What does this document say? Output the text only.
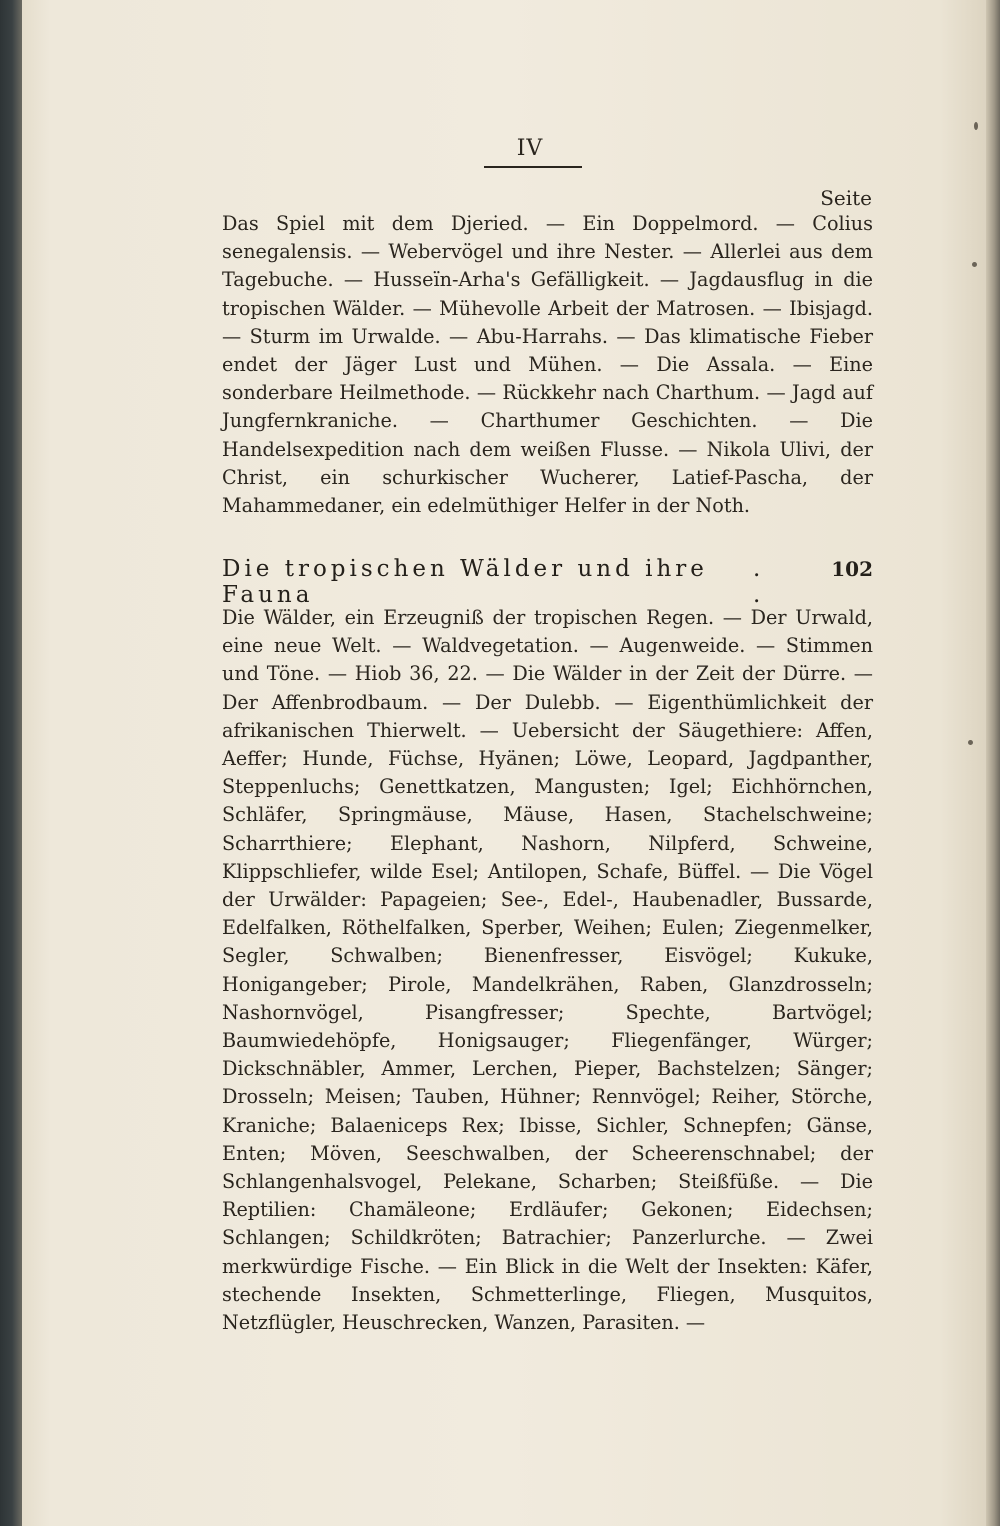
IV
Seite
Das Spiel mit dem Djeried. — Ein Doppelmord. — Colius senegalensis. — Webervögel und ihre Nester. — Allerlei aus dem Tagebuche. — Husseïn-Arha's Gefälligkeit. — Jagdausflug in die tropischen Wälder. — Mühevolle Arbeit der Matrosen. — Ibisjagd. — Sturm im Urwalde. — Abu-Harrahs. — Das klimatische Fieber endet der Jäger Lust und Mühen. — Die Assala. — Eine sonderbare Heilmethode. — Rückkehr nach Charthum. — Jagd auf Jungfernkraniche. — Charthumer Geschichten. — Die Handelsexpedition nach dem weißen Flusse. — Nikola Ulivi, der Christ, ein schurkischer Wucherer, Latief-Pascha, der Mahammedaner, ein edelmüthiger Helfer in der Noth.
Die tropischen Wälder und ihre Fauna
. .
102
Die Wälder, ein Erzeugniß der tropischen Regen. — Der Urwald, eine neue Welt. — Waldvegetation. — Augenweide. — Stimmen und Töne. — Hiob 36, 22. — Die Wälder in der Zeit der Dürre. — Der Affenbrodbaum. — Der Dulebb. — Eigenthümlichkeit der afrikanischen Thierwelt. — Uebersicht der Säugethiere: Affen, Aeffer; Hunde, Füchse, Hyänen; Löwe, Leopard, Jagdpanther, Steppenluchs; Genettkatzen, Mangusten; Igel; Eichhörnchen, Schläfer, Springmäuse, Mäuse, Hasen, Stachelschweine; Scharrthiere; Elephant, Nashorn, Nilpferd, Schweine, Klippschliefer, wilde Esel; Antilopen, Schafe, Büffel. — Die Vögel der Urwälder: Papageien; See-, Edel-, Haubenadler, Bussarde, Edelfalken, Röthelfalken, Sperber, Weihen; Eulen; Ziegenmelker, Segler, Schwalben; Bienenfresser, Eisvögel; Kukuke, Honigangeber; Pirole, Mandelkrähen, Raben, Glanzdrosseln; Nashornvögel, Pisangfresser; Spechte, Bartvögel; Baumwiedehöpfe, Honigsauger; Fliegenfänger, Würger; Dickschnäbler, Ammer, Lerchen, Pieper, Bachstelzen; Sänger; Drosseln; Meisen; Tauben, Hühner; Rennvögel; Reiher, Störche, Kraniche; Balaeniceps Rex; Ibisse, Sichler, Schnepfen; Gänse, Enten; Möven, Seeschwalben, der Scheerenschnabel; der Schlangenhalsvogel, Pelekane, Scharben; Steißfüße. — Die Reptilien: Chamäleone; Erdläufer; Gekonen; Eidechsen; Schlangen; Schildkröten; Batrachier; Panzerlurche. — Zwei merkwürdige Fische. — Ein Blick in die Welt der Insekten: Käfer, stechende Insekten, Schmetterlinge, Fliegen, Musquitos, Netzflügler, Heuschrecken, Wanzen, Parasiten. —
